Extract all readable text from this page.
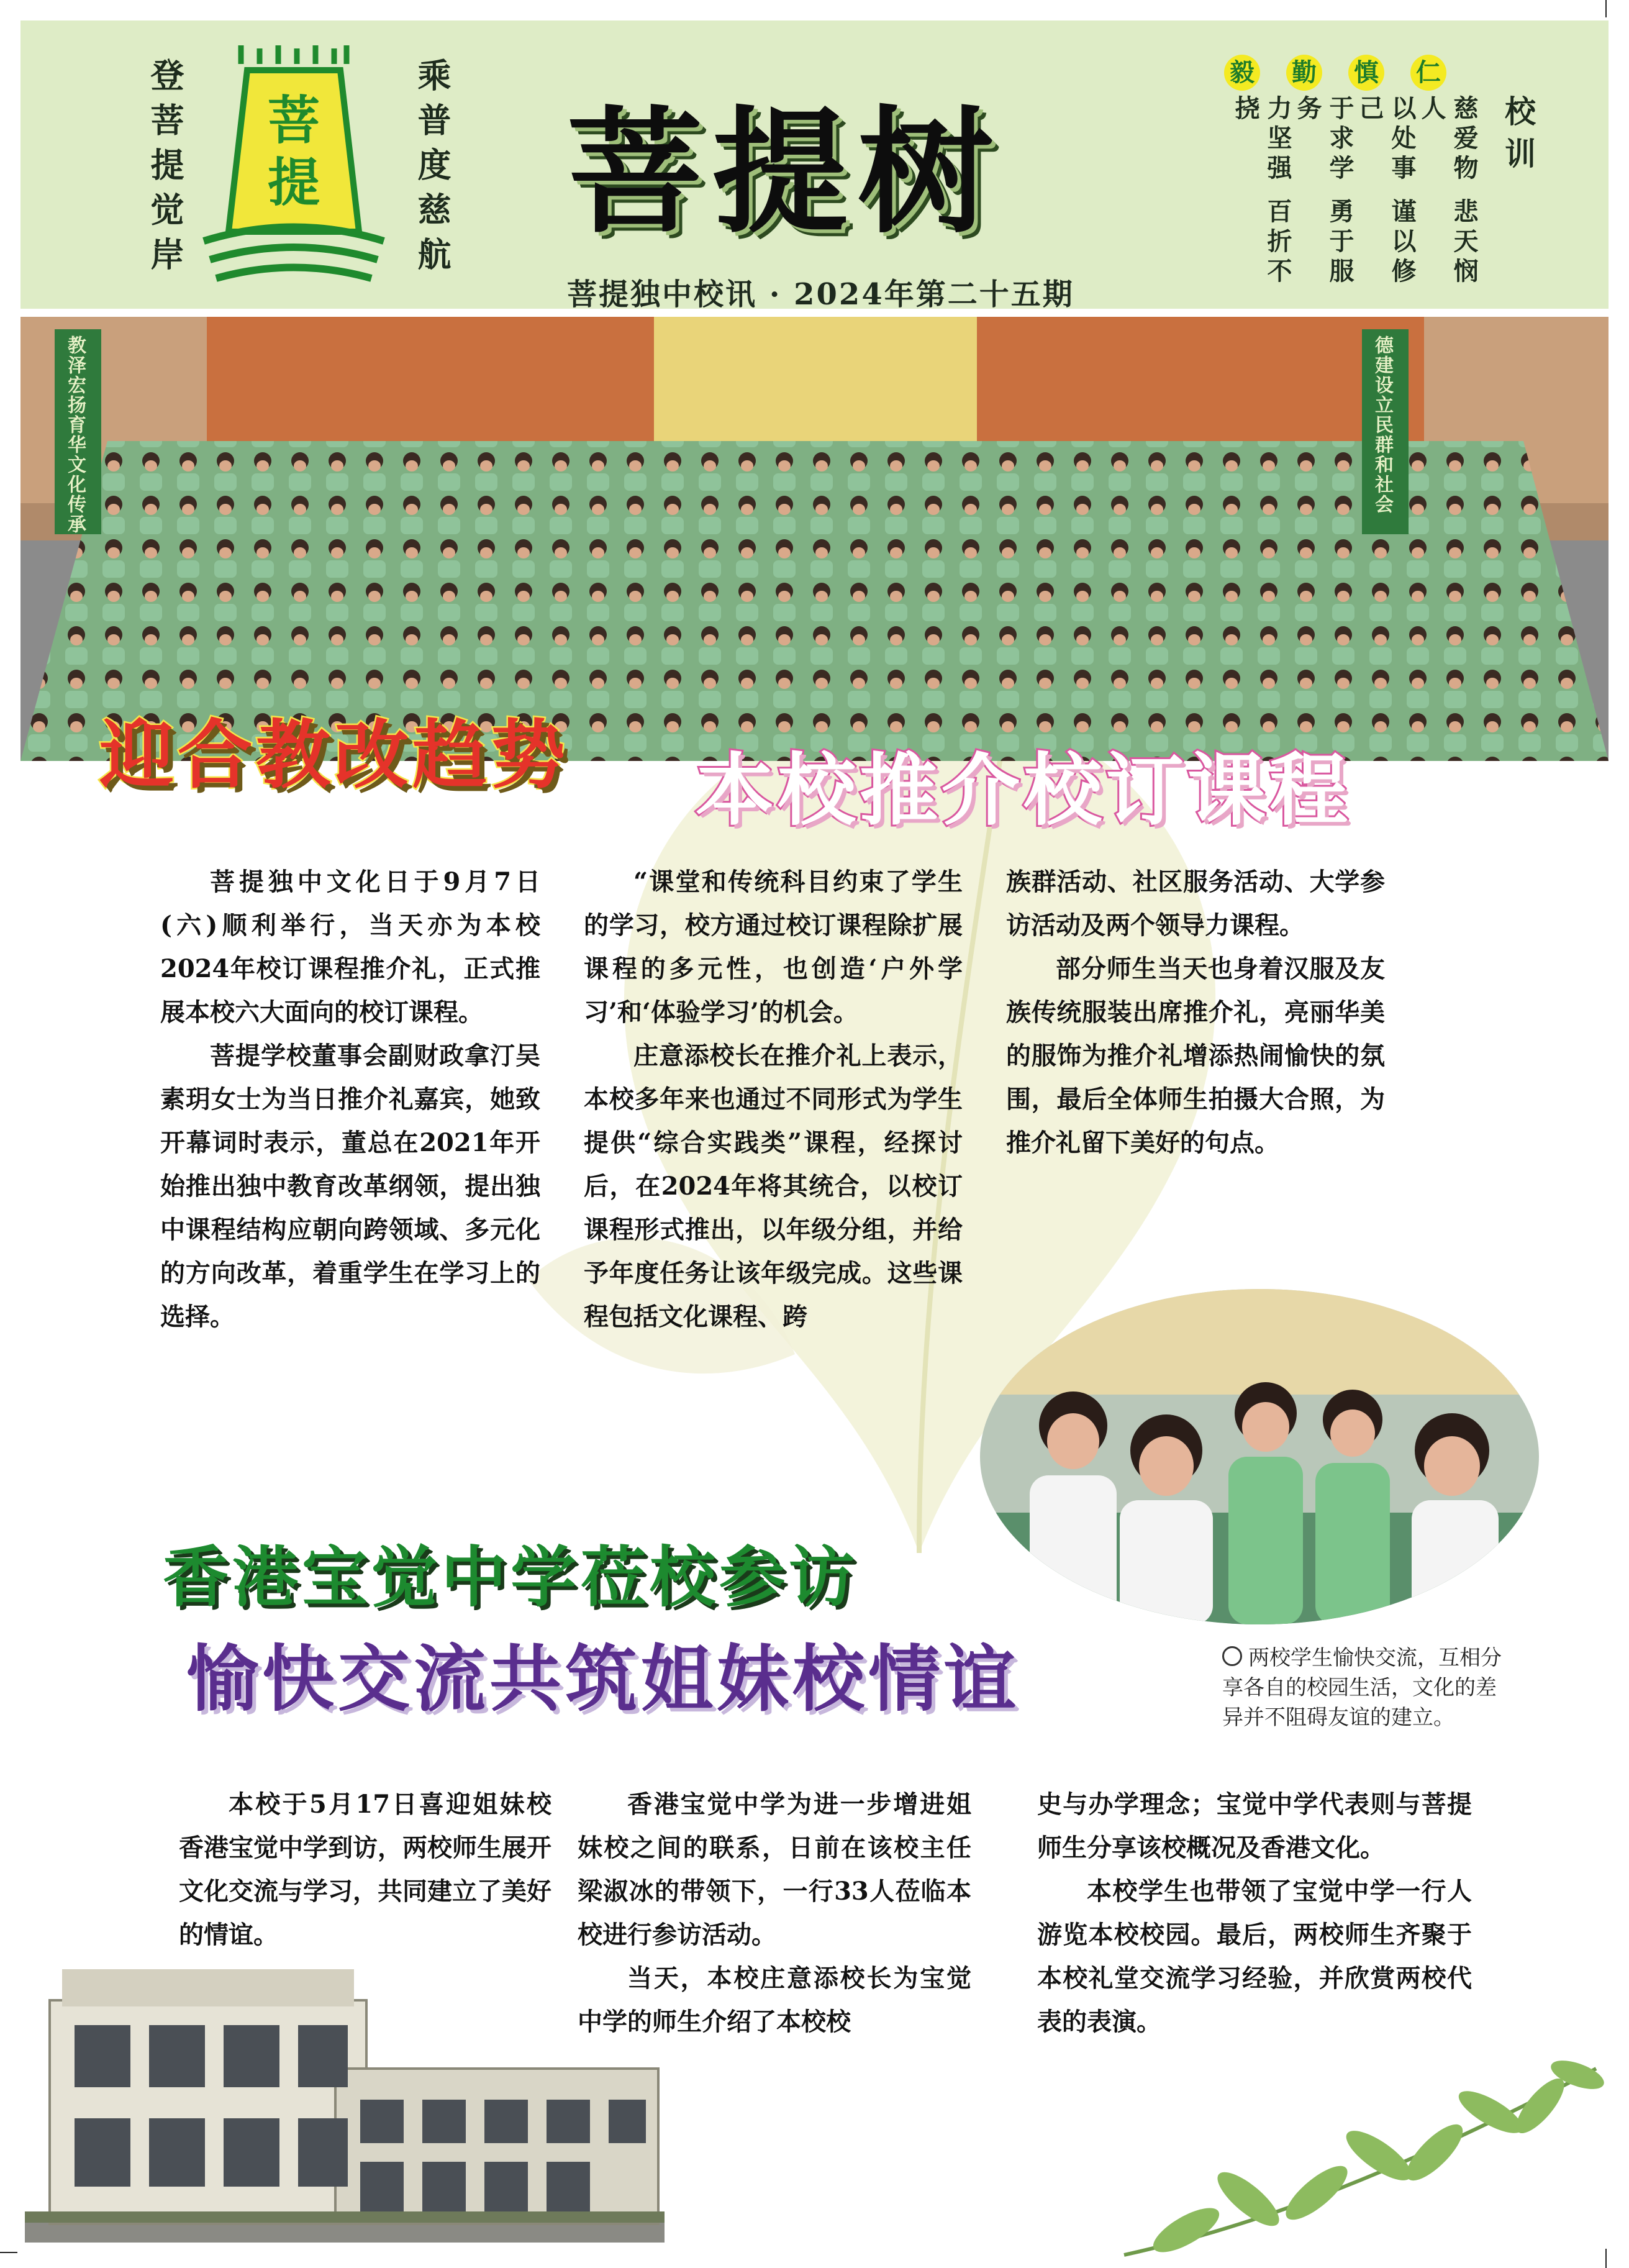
登菩提觉岸 菩
提	乘普度慈航 菩提树
菩提独中校讯 · 2024年第二十五期
毅
力坚强 百折不挠
勤
于求学 勇于服务
慎
以处事 谨以修己
仁
慈爱物 悲天悯人	校训
教泽宏扬育华文化传承	德建设立民群和社会
迎合教改趋势 本校推介校订课程

菩提独中文化日于9月7日(六)顺利举行，当天亦为本校2024年校订课程推介礼，正式推展本校六大面向的校订课程。

菩提学校董事会副财政拿汀吴素玥女士为当日推介礼嘉宾，她致开幕词时表示，董总在2021年开始推出独中教育改革纲领，提出独中课程结构应朝向跨领域、多元化的方向改革，着重学生在学习上的选择。

“课堂和传统科目约束了学生的学习，校方通过校订课程除扩展课程的多元性，也创造‘户外学习’和‘体验学习’的机会。

庄意添校长在推介礼上表示，本校多年来也通过不同形式为学生提供“综合实践类”课程，经探讨后，在2024年将其统合，以校订课程形式推出，以年级分组，并给予年度任务让该年级完成。这些课程包括文化课程、跨

族群活动、社区服务活动、大学参访活动及两个领导力课程。

部分师生当天也身着汉服及友族传统服装出席推介礼，亮丽华美的服饰为推介礼增添热闹愉快的氛围，最后全体师生拍摄大合照，为推介礼留下美好的句点。

香港宝觉中学莅校参访
愉快交流共筑姐妹校情谊	两校学生愉快交流，互相分享各自的校园生活，文化的差异并不阻碍友谊的建立。

本校于5月17日喜迎姐妹校香港宝觉中学到访，两校师生展开文化交流与学习，共同建立了美好的情谊。

香港宝觉中学为进一步增进姐妹校之间的联系，日前在该校主任梁淑冰的带领下，一行33人莅临本校进行参访活动。

当天，本校庄意添校长为宝觉中学的师生介绍了本校校

史与办学理念；宝觉中学代表则与菩提师生分享该校概况及香港文化。

本校学生也带领了宝觉中学一行人游览本校校园。最后，两校师生齐聚于本校礼堂交流学习经验，并欣赏两校代表的表演。
